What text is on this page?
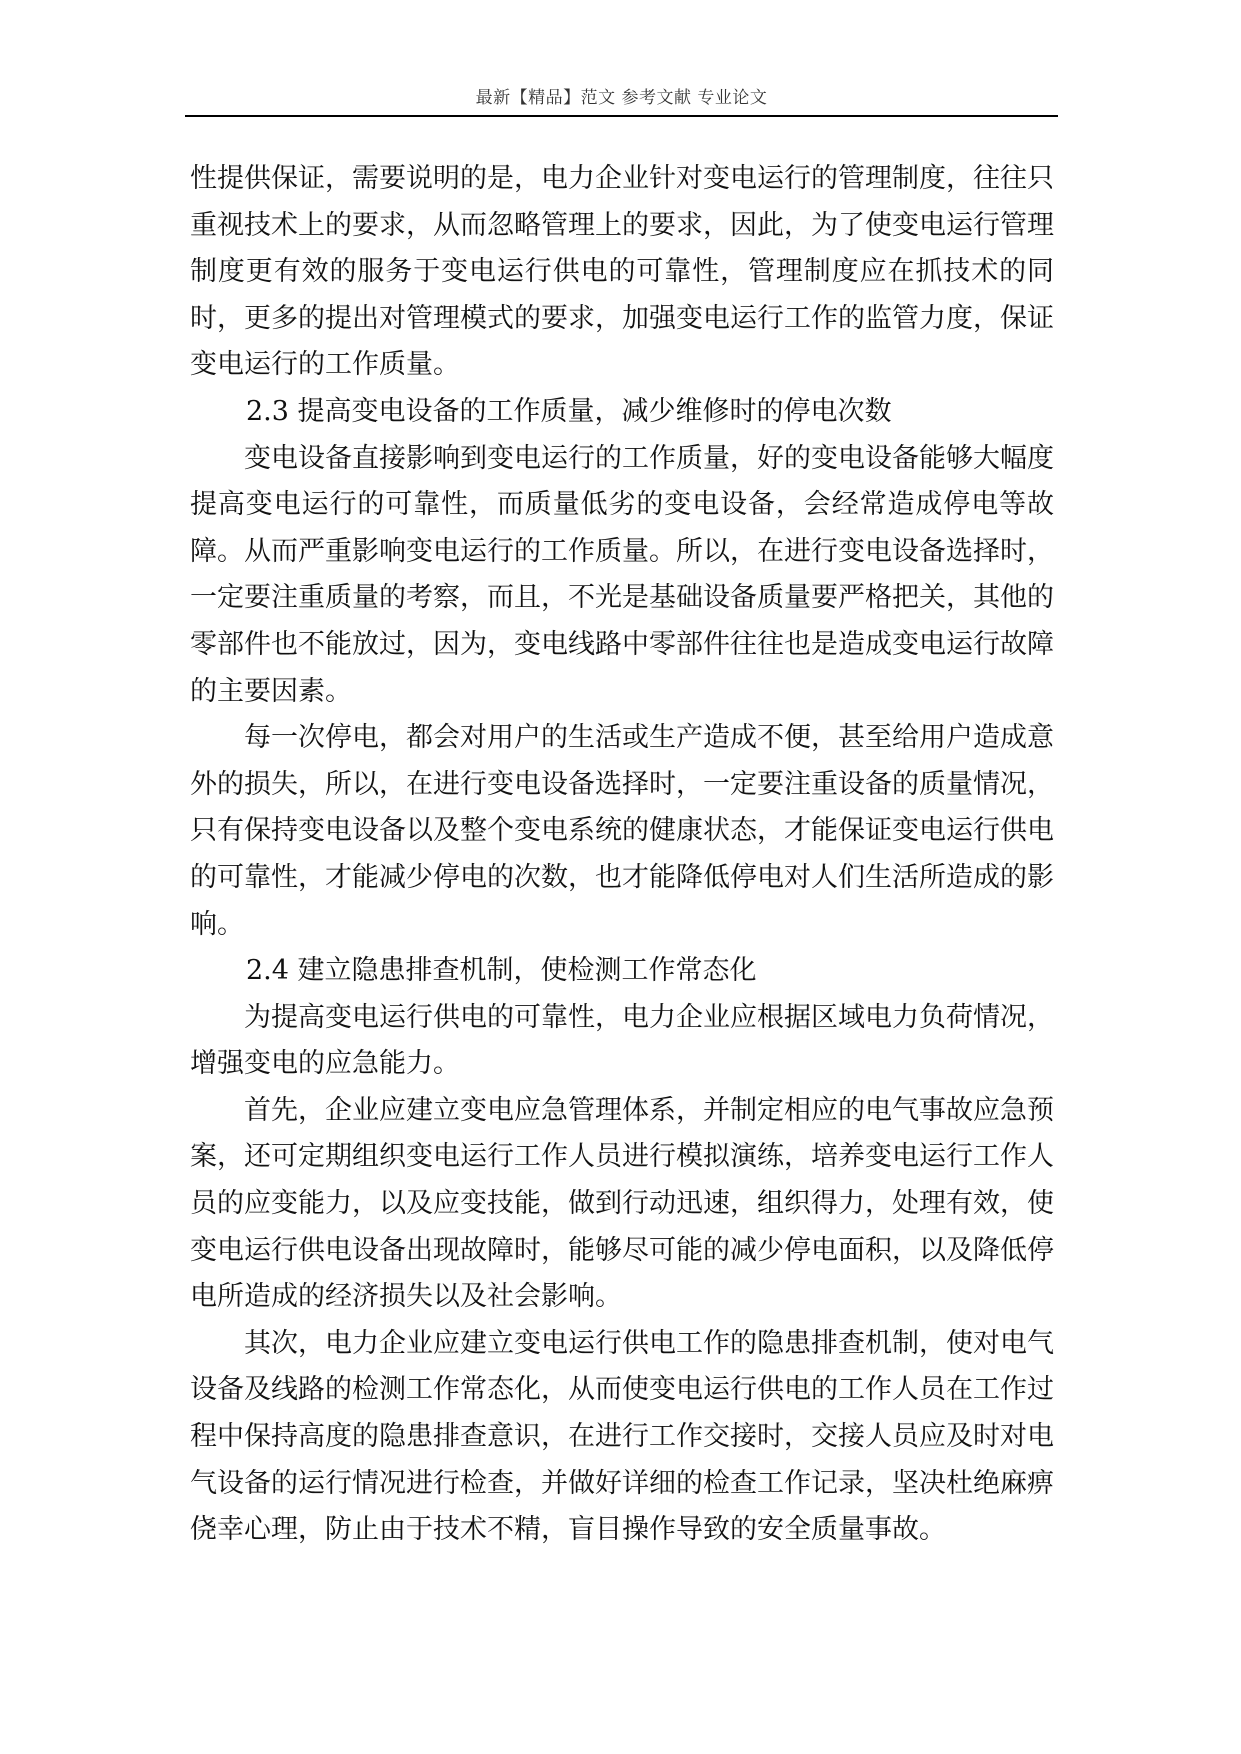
最新【精品】范文 参考文献 专业论文

性提供保证，需要说明的是，电力企业针对变电运行的管理制度，往往只重视技术上的要求，从而忽略管理上的要求，因此，为了使变电运行管理制度更有效的服务于变电运行供电的可靠性，管理制度应在抓技术的同时，更多的提出对管理模式的要求，加强变电运行工作的监管力度，保证变电运行的工作质量。

2.3 提高变电设备的工作质量，减少维修时的停电次数

变电设备直接影响到变电运行的工作质量，好的变电设备能够大幅度提高变电运行的可靠性，而质量低劣的变电设备，会经常造成停电等故障。从而严重影响变电运行的工作质量。所以，在进行变电设备选择时，一定要注重质量的考察，而且，不光是基础设备质量要严格把关，其他的零部件也不能放过，因为，变电线路中零部件往往也是造成变电运行故障的主要因素。

每一次停电，都会对用户的生活或生产造成不便，甚至给用户造成意外的损失，所以，在进行变电设备选择时，一定要注重设备的质量情况，只有保持变电设备以及整个变电系统的健康状态，才能保证变电运行供电的可靠性，才能减少停电的次数，也才能降低停电对人们生活所造成的影响。

2.4 建立隐患排查机制，使检测工作常态化

为提高变电运行供电的可靠性，电力企业应根据区域电力负荷情况，增强变电的应急能力。

首先，企业应建立变电应急管理体系，并制定相应的电气事故应急预案，还可定期组织变电运行工作人员进行模拟演练，培养变电运行工作人员的应变能力，以及应变技能，做到行动迅速，组织得力，处理有效，使变电运行供电设备出现故障时，能够尽可能的减少停电面积，以及降低停电所造成的经济损失以及社会影响。

其次，电力企业应建立变电运行供电工作的隐患排查机制，使对电气设备及线路的检测工作常态化，从而使变电运行供电的工作人员在工作过程中保持高度的隐患排查意识，在进行工作交接时，交接人员应及时对电气设备的运行情况进行检查，并做好详细的检查工作记录，坚决杜绝麻痹侥幸心理，防止由于技术不精，盲目操作导致的安全质量事故。
